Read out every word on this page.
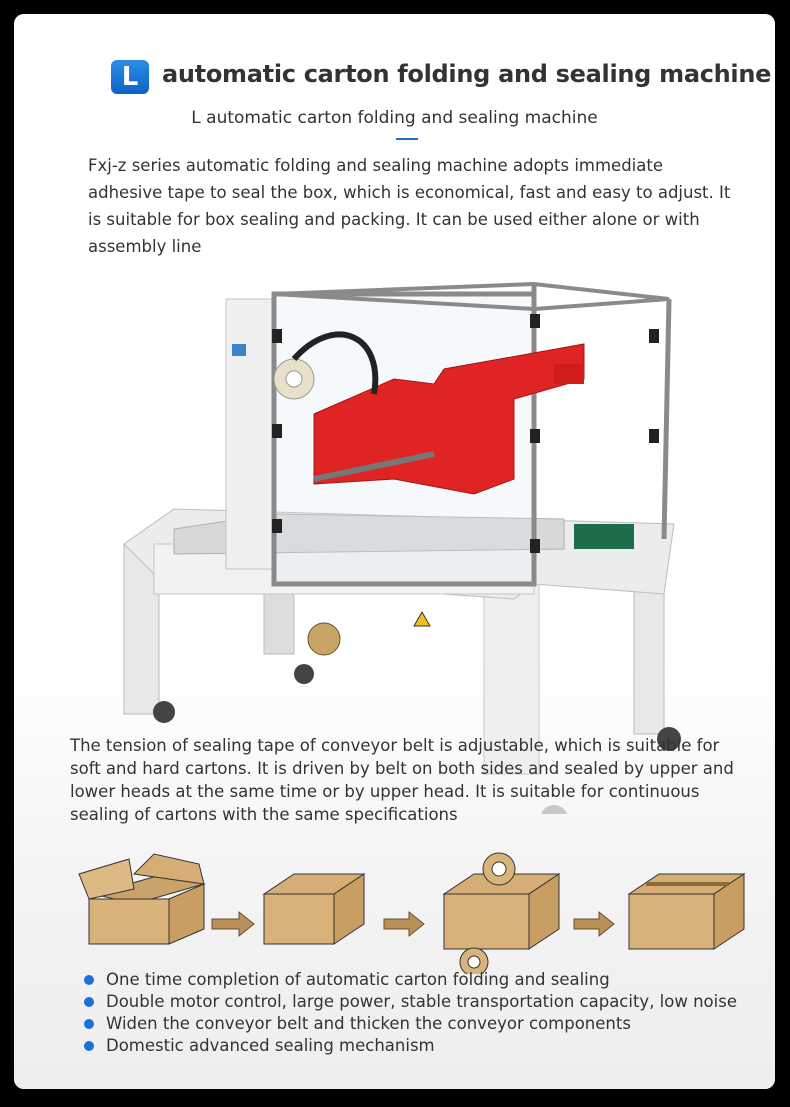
L automatic carton folding and sealing machine
L automatic carton folding and sealing machine
Fxj-z series automatic folding and sealing machine adopts immediate adhesive tape to seal the box, which is economical, fast and easy to adjust. It is suitable for box sealing and packing. It can be used either alone or with assembly line
The tension of sealing tape of conveyor belt is adjustable, which is suitable for soft and hard cartons. It is driven by belt on both sides and sealed by upper and lower heads at the same time or by upper head. It is suitable for continuous sealing of cartons with the same specifications
One time completion of automatic carton folding and sealing
Double motor control, large power, stable transportation capacity, low noise
Widen the conveyor belt and thicken the conveyor components
Domestic advanced sealing mechanism
